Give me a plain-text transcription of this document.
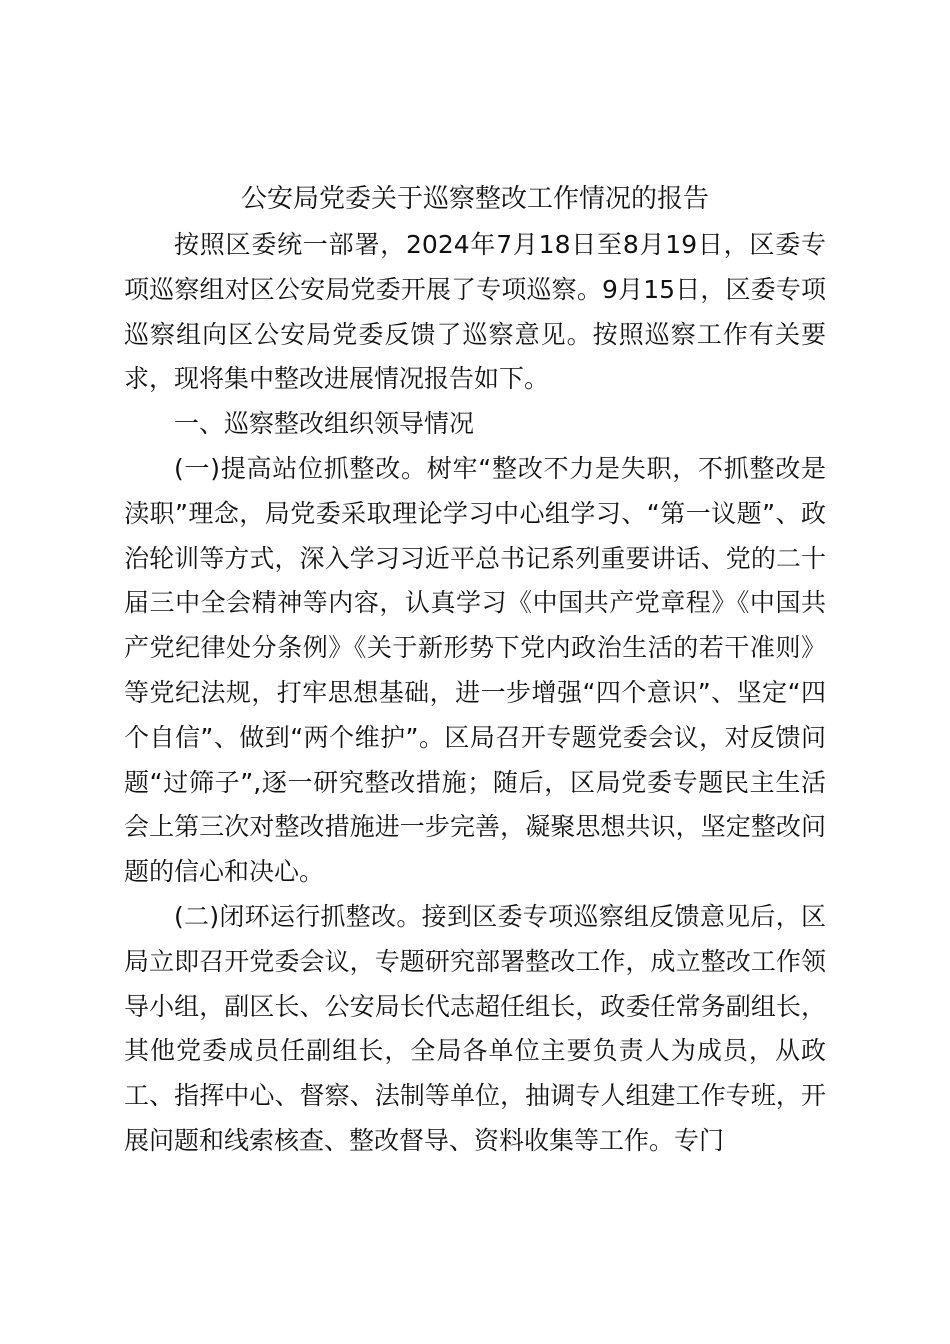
公安局党委关于巡察整改工作情况的报告

按照区委统一部署，2024年7月18日至8月19日，区委专项巡察组对区公安局党委开展了专项巡察。9月15日，区委专项巡察组向区公安局党委反馈了巡察意见。按照巡察工作有关要求，现将集中整改进展情况报告如下。

一、巡察整改组织领导情况

(一)提高站位抓整改。树牢“整改不力是失职，不抓整改是渎职”理念，局党委采取理论学习中心组学习、“第一议题”、政治轮训等方式，深入学习习近平总书记系列重要讲话、党的二十届三中全会精神等内容，认真学习《中国共产党章程》《中国共产党纪律处分条例》《关于新形势下党内政治生活的若干准则》等党纪法规，打牢思想基础，进一步增强“四个意识”、坚定“四个自信”、做到“两个维护”。区局召开专题党委会议，对反馈问题“过筛子”,逐一研究整改措施；随后，区局党委专题民主生活会上第三次对整改措施进一步完善，凝聚思想共识，坚定整改问题的信心和决心。

(二)闭环运行抓整改。接到区委专项巡察组反馈意见后，区局立即召开党委会议，专题研究部署整改工作，成立整改工作领导小组，副区长、公安局长代志超任组长，政委任常务副组长，其他党委成员任副组长，全局各单位主要负责人为成员，从政工、指挥中心、督察、法制等单位，抽调专人组建工作专班，开展问题和线索核查、整改督导、资料收集等工作。专门
